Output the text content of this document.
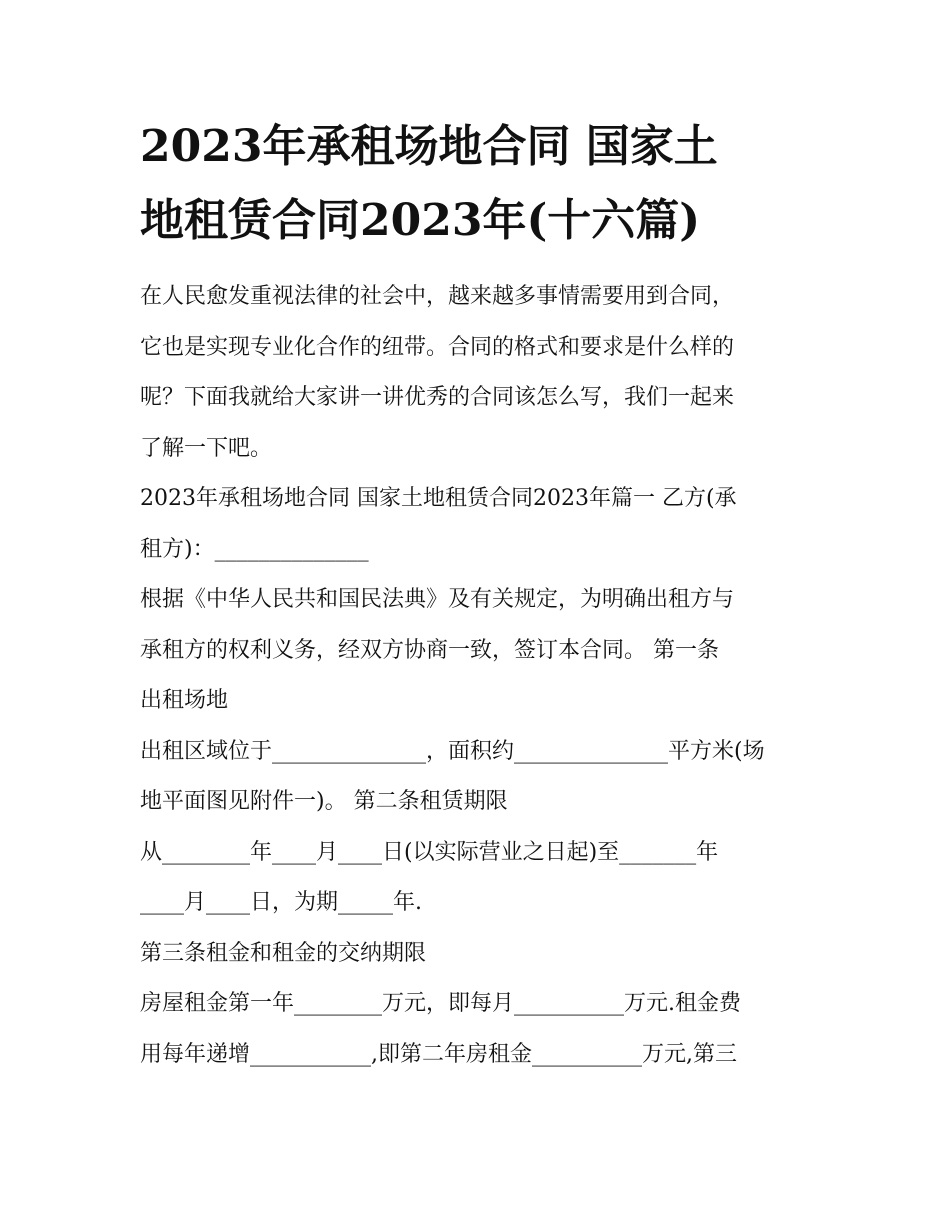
2023年承租场地合同 国家土
地租赁合同2023年(十六篇)
在人民愈发重视法律的社会中，越来越多事情需要用到合同，
它也是实现专业化合作的纽带。合同的格式和要求是什么样的
呢？下面我就给大家讲一讲优秀的合同该怎么写，我们一起来
了解一下吧。
2023年承租场地合同 国家土地租赁合同2023年篇一 乙方(承
租方)：______________
根据《中华人民共和国民法典》及有关规定，为明确出租方与
承租方的权利义务，经双方协商一致，签订本合同。 第一条
出租场地
出租区域位于______________，面积约______________平方米(场
地平面图见附件一)。 第二条租赁期限
从________年____月____日(以实际营业之日起)至_______年
____月____日，为期_____年.
第三条租金和租金的交纳期限
房屋租金第一年________万元，即每月__________万元.租金费
用每年递增___________,即第二年房租金__________万元,第三
